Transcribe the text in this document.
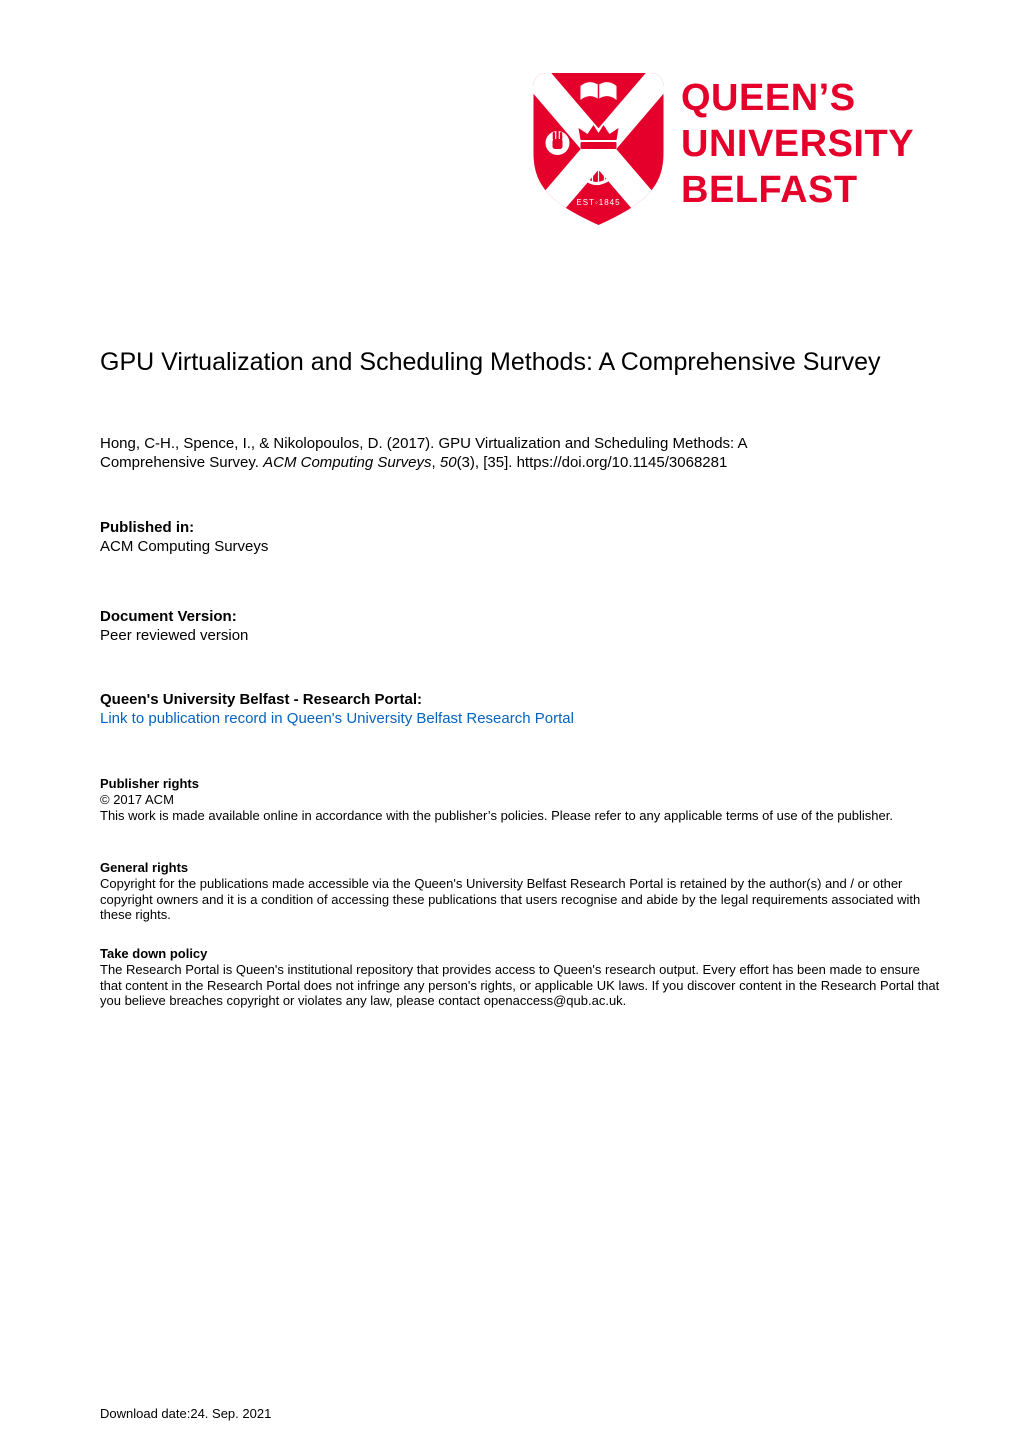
EST◦1845
QUEEN’S
UNIVERSITY
BELFAST
GPU Virtualization and Scheduling Methods: A Comprehensive Survey

Hong, C-H., Spence, I., & Nikolopoulos, D. (2017). GPU Virtualization and Scheduling Methods: A Comprehensive Survey. ACM Computing Surveys, 50(3), [35]. https://doi.org/10.1145/3068281

Published in:
ACM Computing Surveys
Document Version:
Peer reviewed version
Queen's University Belfast - Research Portal:
Link to publication record in Queen's University Belfast Research Portal
Publisher rights
© 2017 ACM
This work is made available online in accordance with the publisher’s policies. Please refer to any applicable terms of use of the publisher.
General rights
Copyright for the publications made accessible via the Queen's University Belfast Research Portal is retained by the author(s) and / or other copyright owners and it is a condition of accessing these publications that users recognise and abide by the legal requirements associated with these rights.
Take down policy
The Research Portal is Queen's institutional repository that provides access to Queen's research output. Every effort has been made to ensure that content in the Research Portal does not infringe any person's rights, or applicable UK laws. If you discover content in the Research Portal that you believe breaches copyright or violates any law, please contact openaccess@qub.ac.uk.
Download date:24. Sep. 2021
